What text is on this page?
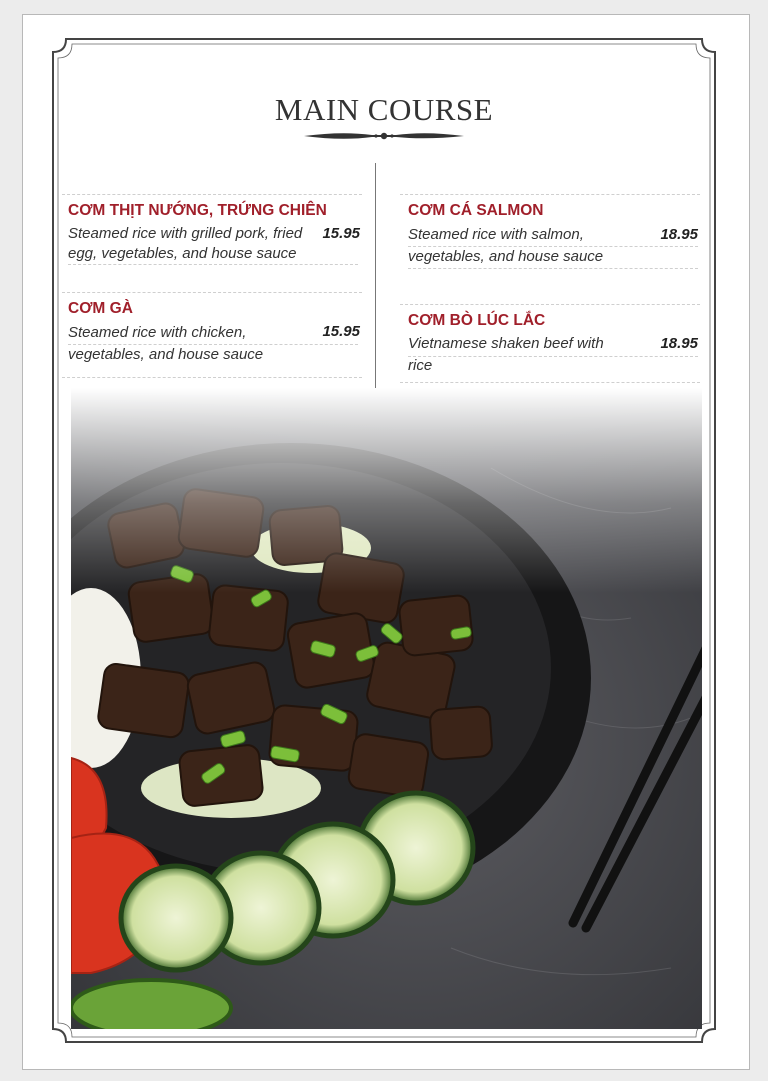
MAIN COURSE
CƠM THỊT NƯỚNG, TRỨNG CHIÊN
Steamed rice with grilled pork, fried egg, vegetables, and house sauce
15.95
CƠM GÀ
Steamed rice with chicken, vegetables, and house sauce
15.95
CƠM CÁ SALMON
Steamed rice with salmon, vegetables, and house sauce
18.95
CƠM BÒ LÚC LẮC
Vietnamese shaken beef with rice
18.95
